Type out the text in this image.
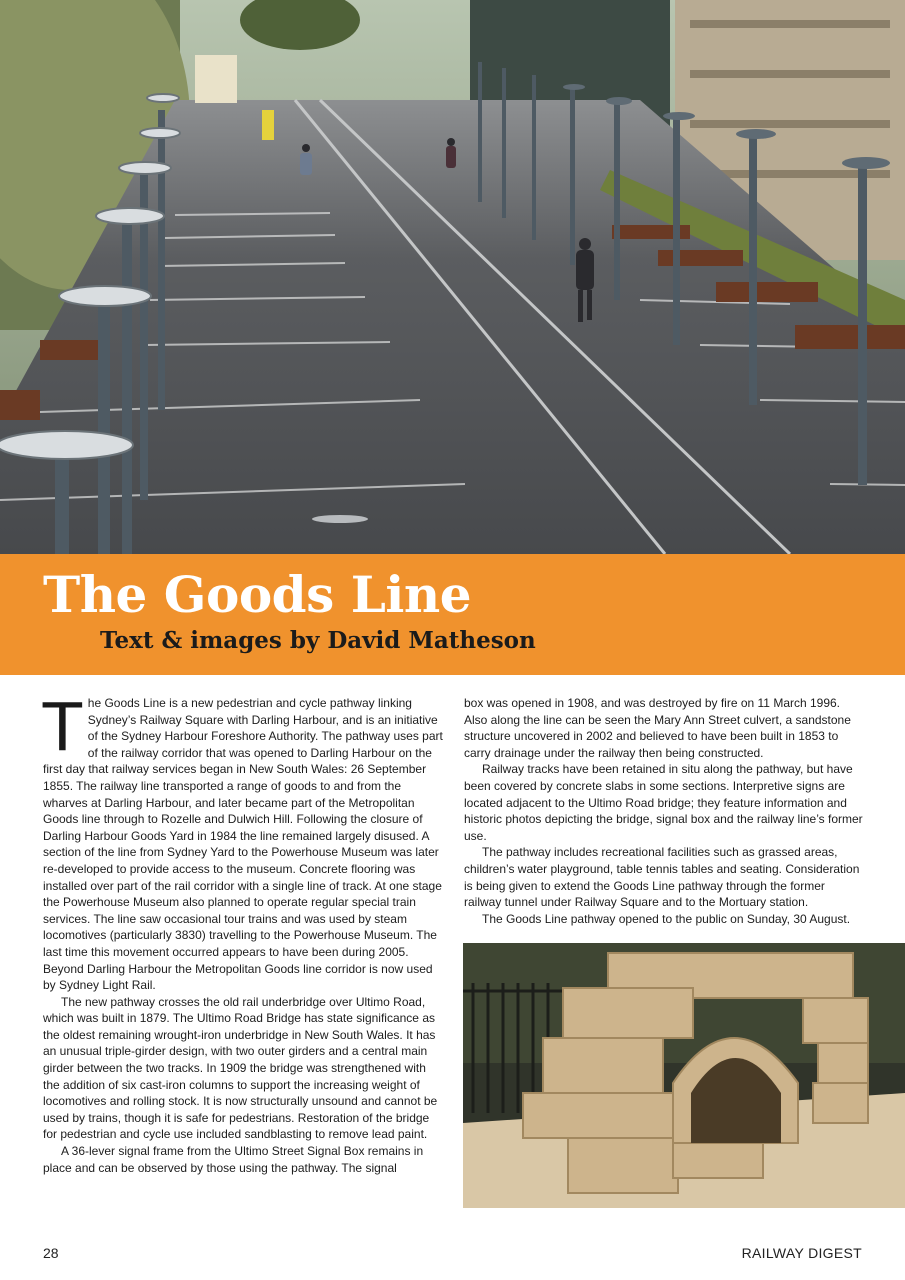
The Goods Line
Text & images by David Matheson

The Goods Line is a new pedestrian and cycle pathway linking Sydney’s Railway Square with Darling Harbour, and is an initiative of the Sydney Harbour Foreshore Authority. The pathway uses part of the railway corridor that was opened to Darling Harbour on the first day that railway services began in New South Wales: 26 September 1855. The railway line transported a range of goods to and from the wharves at Darling Harbour, and later became part of the Metropolitan Goods line through to Rozelle and Dulwich Hill. Following the closure of Darling Harbour Goods Yard in 1984 the line remained largely disused. A section of the line from Sydney Yard to the Powerhouse Museum was later re-developed to provide access to the museum. Concrete flooring was installed over part of the rail corridor with a single line of track. At one stage the Powerhouse Museum also planned to operate regular special train services. The line saw occasional tour trains and was used by steam locomotives (particularly 3830) travelling to the Powerhouse Museum. The last time this movement occurred appears to have been during 2005. Beyond Darling Harbour the Metropolitan Goods line corridor is now used by Sydney Light Rail.

The new pathway crosses the old rail underbridge over Ultimo Road, which was built in 1879. The Ultimo Road Bridge has state significance as the oldest remaining wrought-iron underbridge in New South Wales. It has an unusual triple-girder design, with two outer girders and a central main girder between the two tracks. In 1909 the bridge was strengthened with the addition of six cast-iron columns to support the increasing weight of locomotives and rolling stock. It is now structurally unsound and cannot be used by trains, though it is safe for pedestrians. Restoration of the bridge for pedestrian and cycle use included sandblasting to remove lead paint.

A 36-lever signal frame from the Ultimo Street Signal Box remains in place and can be observed by those using the pathway. The signal

box was opened in 1908, and was destroyed by fire on 11 March 1996. Also along the line can be seen the Mary Ann Street culvert, a sandstone structure uncovered in 2002 and believed to have been built in 1853 to carry drainage under the railway then being constructed.

Railway tracks have been retained in situ along the pathway, but have been covered by concrete slabs in some sections. Interpretive signs are located adjacent to the Ultimo Road bridge; they feature information and historic photos depicting the bridge, signal box and the railway line’s former use.

The pathway includes recreational facilities such as grassed areas, children’s water playground, table tennis tables and seating. Consideration is being given to extend the Goods Line pathway through the former railway tunnel under Railway Square and to the Mortuary station.

The Goods Line pathway opened to the public on Sunday, 30 August.

28	RAILWAY DIGEST
